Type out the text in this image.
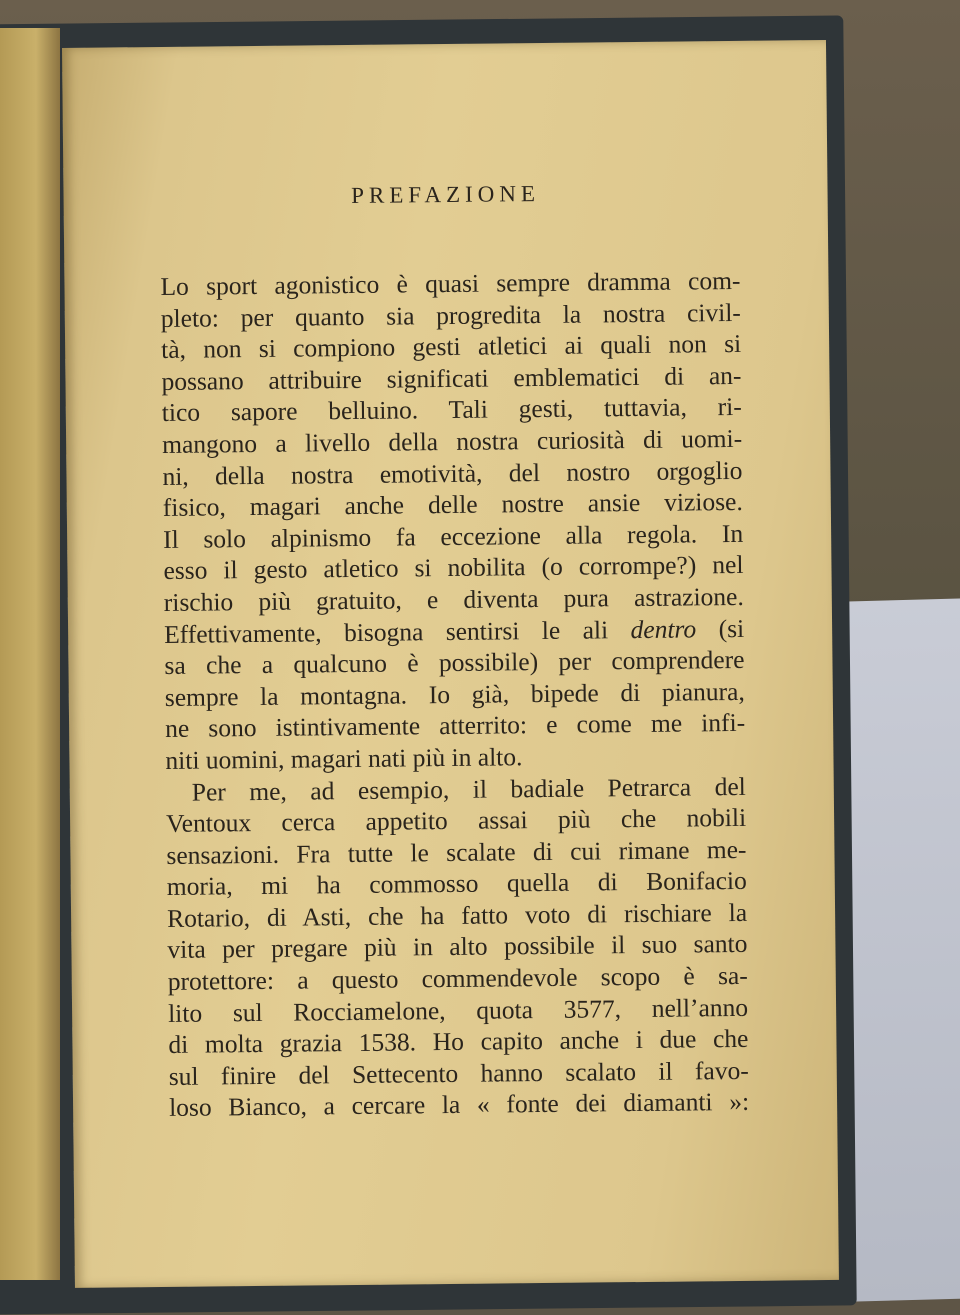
PREFAZIONE
Lo sport agonistico è quasi sempre dramma com-
pleto: per quanto sia progredita la nostra civil-
tà, non si compiono gesti atletici ai quali non si
possano attribuire significati emblematici di an-
tico sapore belluino. Tali gesti, tuttavia, ri-
mangono a livello della nostra curiosità di uomi-
ni, della nostra emotività, del nostro orgoglio
fisico, magari anche delle nostre ansie viziose.
Il solo alpinismo fa eccezione alla regola. In
esso il gesto atletico si nobilita (o corrompe?) nel
rischio più gratuito, e diventa pura astrazione.
Effettivamente, bisogna sentirsi le ali dentro (si
sa che a qualcuno è possibile) per comprendere
sempre la montagna. Io già, bipede di pianura,
ne sono istintivamente atterrito: e come me infi-
niti uomini, magari nati più in alto.
Per me, ad esempio, il badiale Petrarca del
Ventoux cerca appetito assai più che nobili
sensazioni. Fra tutte le scalate di cui rimane me-
moria, mi ha commosso quella di Bonifacio
Rotario, di Asti, che ha fatto voto di rischiare la
vita per pregare più in alto possibile il suo santo
protettore: a questo commendevole scopo è sa-
lito sul Rocciamelone, quota 3577, nell’anno
di molta grazia 1538. Ho capito anche i due che
sul finire del Settecento hanno scalato il favo-
loso Bianco, a cercare la « fonte dei diamanti »:
